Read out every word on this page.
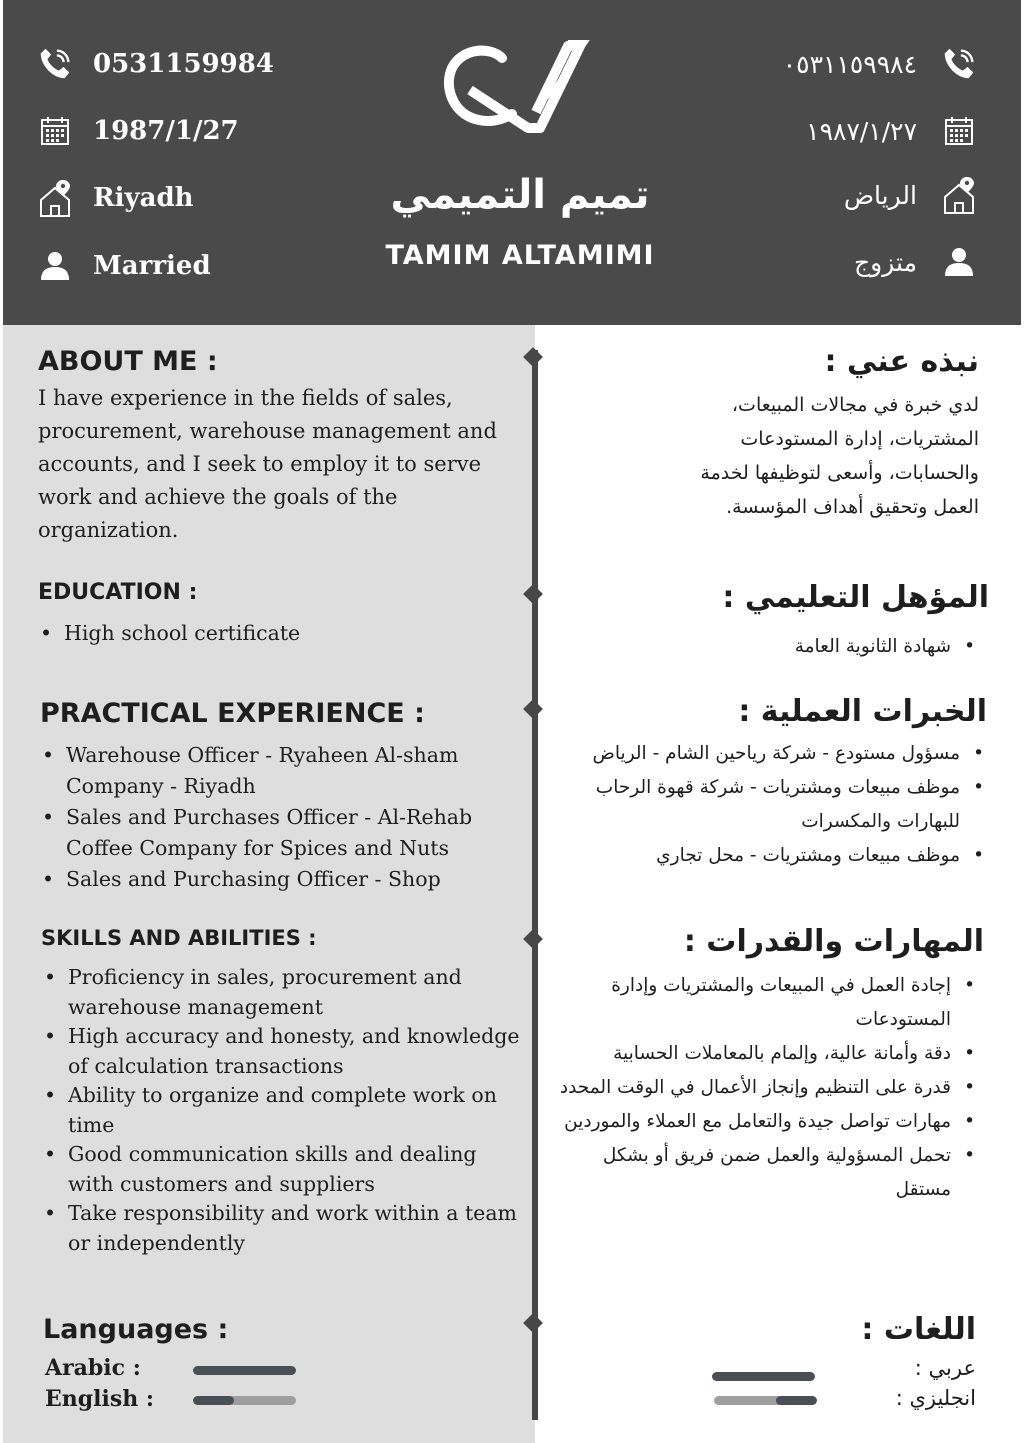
0531159984
1987/1/27
Riyadh
Married
تميم التميمي
TAMIM ALTAMIMI
٠٥٣١١٥٩٩٨٤
١٩٨٧/١/٢٧
الرياض
متزوج
ABOUT ME :
I have experience in the fields of sales, procurement, warehouse management and accounts, and I seek to employ it to serve work and achieve the goals of the organization.
EDUCATION :
• High school certificate
PRACTICAL EXPERIENCE :
• Warehouse Officer - Ryaheen Al-sham Company - Riyadh
• Sales and Purchases Officer - Al-Rehab Coffee Company for Spices and Nuts
• Sales and Purchasing Officer - Shop
SKILLS AND ABILITIES :
• Proficiency in sales, procurement and warehouse management
• High accuracy and honesty, and knowledge of calculation transactions
• Ability to organize and complete work on time
• Good communication skills and dealing with customers and suppliers
• Take responsibility and work within a team or independently
Languages :
Arabic :
English :
نبذه عني :
لدي خبرة في مجالات المبيعات، المشتريات، إدارة المستودعات والحسابات، وأسعى لتوظيفها لخدمة العمل وتحقيق أهداف المؤسسة.
المؤهل التعليمي :
• شهادة الثانوية العامة
الخبرات العملية :
• مسؤول مستودع - شركة رياحين الشام - الرياض
• موظف مبيعات ومشتريات - شركة قهوة الرحاب للبهارات والمكسرات
• موظف مبيعات ومشتريات - محل تجاري
المهارات والقدرات :
• إجادة العمل في المبيعات والمشتريات وإدارة المستودعات
• دقة وأمانة عالية، وإلمام بالمعاملات الحسابية
• قدرة على التنظيم وإنجاز الأعمال في الوقت المحدد
• مهارات تواصل جيدة والتعامل مع العملاء والموردين
• تحمل المسؤولية والعمل ضمن فريق أو بشكل مستقل
اللغات :
عربي :
انجليزي :
